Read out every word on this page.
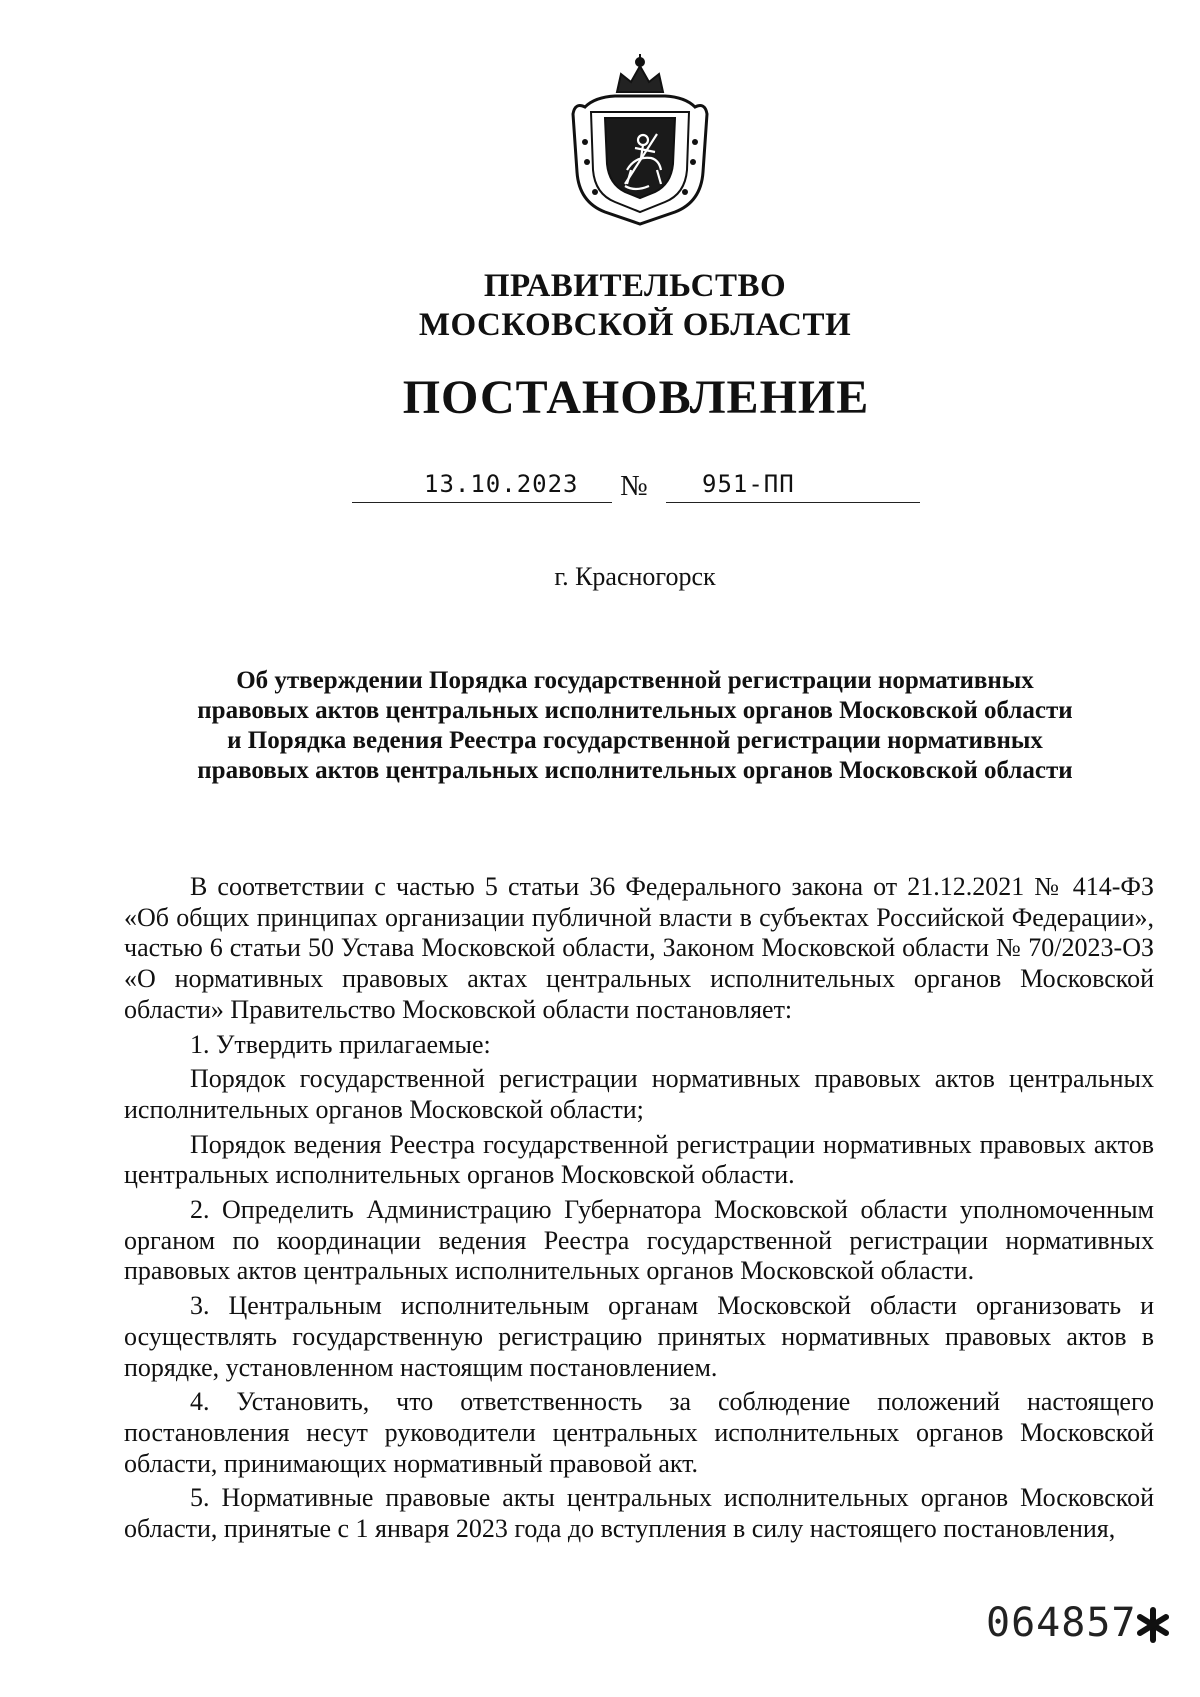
ПРАВИТЕЛЬСТВО
МОСКОВСКОЙ ОБЛАСТИ
ПОСТАНОВЛЕНИЕ
13.10.2023 № 951-ПП
г. Красногорск
Об утверждении Порядка государственной регистрации нормативных
правовых актов центральных исполнительных органов Московской области
и Порядка ведения Реестра государственной регистрации нормативных
правовых актов центральных исполнительных органов Московской области

В соответствии с частью 5 статьи 36 Федерального закона от 21.12.2021 № 414-ФЗ «Об общих принципах организации публичной власти в субъектах Российской Федерации», частью 6 статьи 50 Устава Московской области, Законом Московской области № 70/2023-ОЗ «О нормативных правовых актах центральных исполнительных органов Московской области» Правительство Московской области постановляет:

1. Утвердить прилагаемые:

Порядок государственной регистрации нормативных правовых актов центральных исполнительных органов Московской области;

Порядок ведения Реестра государственной регистрации нормативных правовых актов центральных исполнительных органов Московской области.

2. Определить Администрацию Губернатора Московской области уполномоченным органом по координации ведения Реестра государственной регистрации нормативных правовых актов центральных исполнительных органов Московской области.

3. Центральным исполнительным органам Московской области организовать и осуществлять государственную регистрацию принятых нормативных правовых актов в порядке, установленном настоящим постановлением.

4. Установить, что ответственность за соблюдение положений настоящего постановления несут руководители центральных исполнительных органов Московской области, принимающих нормативный правовой акт.

5. Нормативные правовые акты центральных исполнительных органов Московской области, принятые с 1 января 2023 года до вступления в силу настоящего постановления,

064857
